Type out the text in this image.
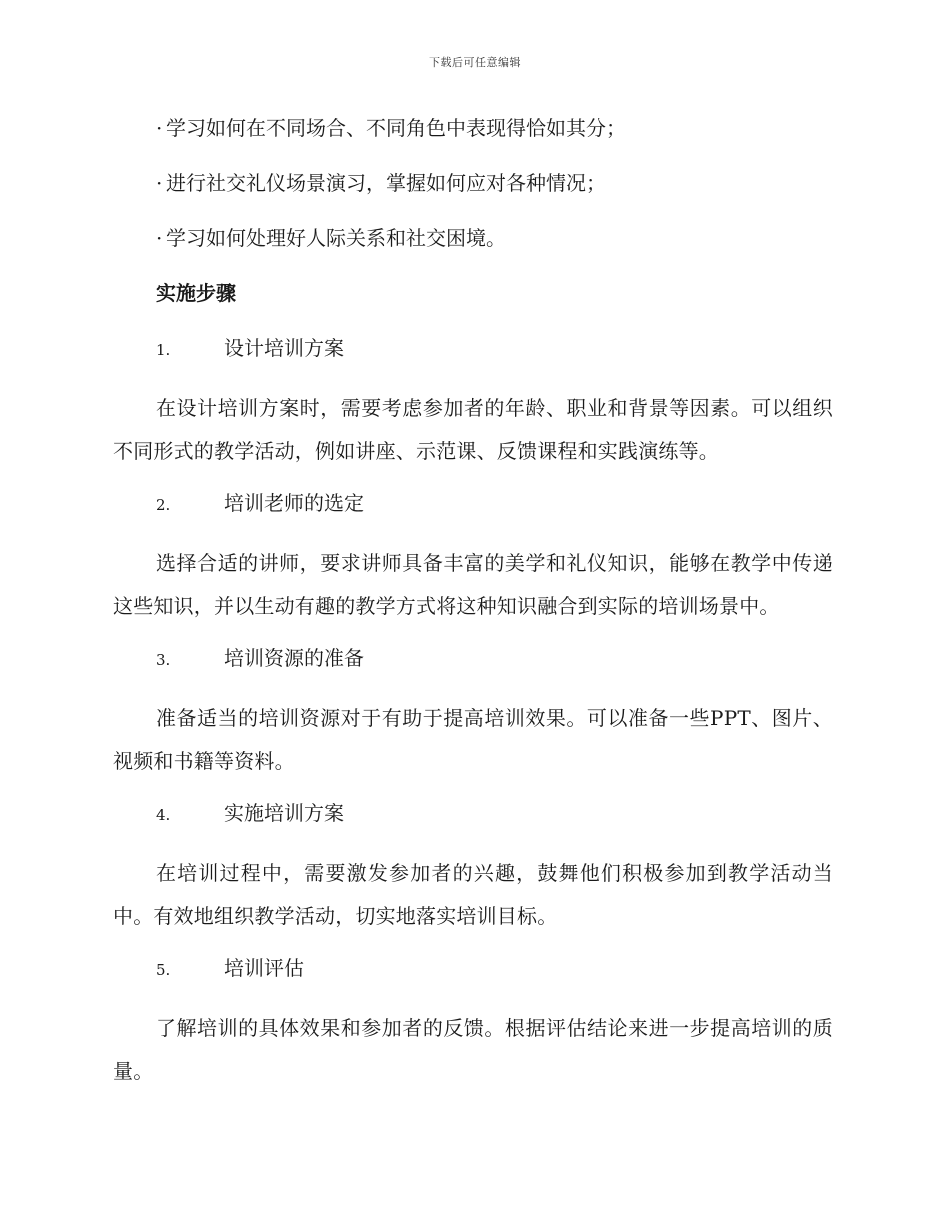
下载后可任意编辑
· 学习如何在不同场合、不同角色中表现得恰如其分；
· 进行社交礼仪场景演习，掌握如何应对各种情况；
· 学习如何处理好人际关系和社交困境。
实施步骤
1.	设计培训方案

在设计培训方案时，需要考虑参加者的年龄、职业和背景等因素。可以组织不同形式的教学活动，例如讲座、示范课、反馈课程和实践演练等。

2.	培训老师的选定

选择合适的讲师，要求讲师具备丰富的美学和礼仪知识，能够在教学中传递这些知识，并以生动有趣的教学方式将这种知识融合到实际的培训场景中。

3.	培训资源的准备

准备适当的培训资源对于有助于提高培训效果。可以准备一些PPT、图片、视频和书籍等资料。

4.	实施培训方案

在培训过程中，需要激发参加者的兴趣，鼓舞他们积极参加到教学活动当中。有效地组织教学活动，切实地落实培训目标。

5.	培训评估

了解培训的具体效果和参加者的反馈。根据评估结论来进一步提高培训的质量。
